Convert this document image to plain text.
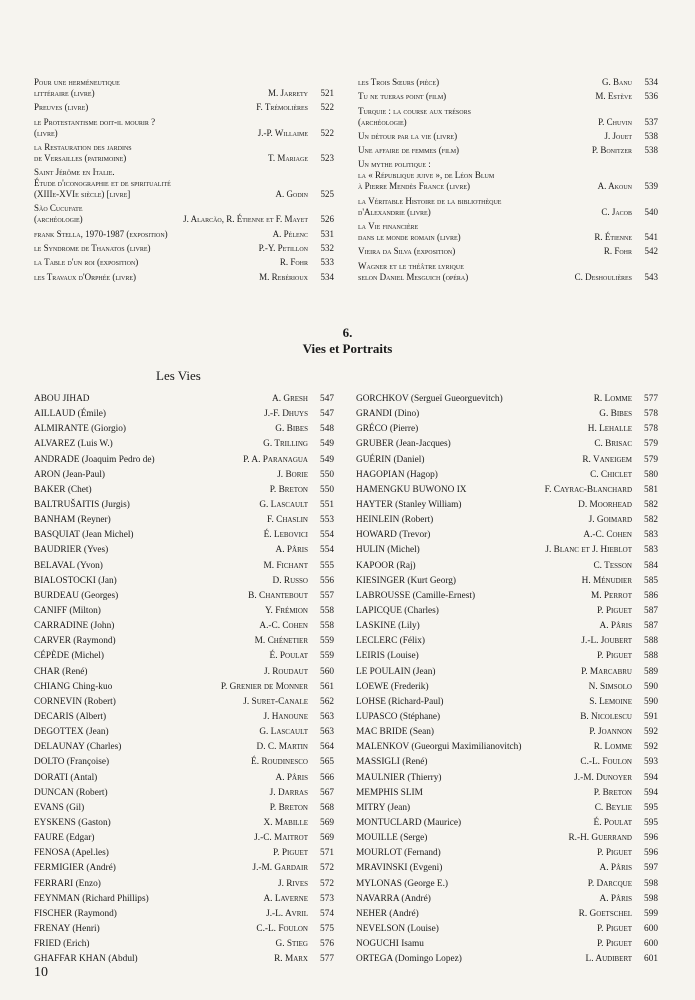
Pour une herméneutique
littéraire (livre)	M. Jarrety	521
Preuves (livre)	F. Trémolières	522
le Protestantisme doit-il mourir ?
(livre)	J.-P. Willaime	522
la Restauration des jardins
de Versailles (patrimoine)	T. Mariage	523
Saint Jérôme en Italie.
Étude d'iconographie et de spiritualité
(XIIIe-XVIe siècle) [livre]	A. Godin	525
São Cucufate
(archéologie)	J. Alarcão, R. Étienne et F. Mayet	526
frank Stella, 1970-1987 (exposition)	A. Pélenc	531
le Syndrome de Thanatos (livre)	P.-Y. Petillon	532
la Table d'un roi (exposition)	R. Fohr	533
les Travaux d'Orphée (livre)	M. Rebérioux	534
les Trois Sœurs (pièce)	G. Banu	534
Tu ne tueras point (film)	M. Estève	536
Turquie : la course aux trésors
(archéologie)	P. Chuvin	537
Un détour par la vie (livre)	J. Jouet	538
Une affaire de femmes (film)	P. Bonitzer	538
Un mythe politique :
la « République juive », de Léon Blum
à Pierre Mendès France (livre)	A. Akoun	539
la Véritable Histoire de la bibliothèque
d'Alexandrie (livre)	C. Jacob	540
la Vie financière
dans le monde romain (livre)	R. Étienne	541
Vieira da Silva (exposition)	R. Fohr	542
Wagner et le théâtre lyrique
selon Daniel Mesguich (opéra)	C. Deshoulières	543
6.
Vies et Portraits
Les Vies
ABOU JIHAD	A. Gresh	547
AILLAUD (Émile)	J.-F. Dhuys	547
ALMIRANTE (Giorgio)	G. Bibes	548
ALVAREZ (Luis W.)	G. Trilling	549
ANDRADE (Joaquim Pedro de)	P. A. Paranagua	549
ARON (Jean-Paul)	J. Borie	550
BAKER (Chet)	P. Breton	550
BALTRUŠAITIS (Jurgis)	G. Lascault	551
BANHAM (Reyner)	F. Chaslin	553
BASQUIAT (Jean Michel)	É. Lebovici	554
BAUDRIER (Yves)	A. Pâris	554
BELAVAL (Yvon)	M. Fichant	555
BIALOSTOCKI (Jan)	D. Russo	556
BURDEAU (Georges)	B. Chantebout	557
CANIFF (Milton)	Y. Frémion	558
CARRADINE (John)	A.-C. Cohen	558
CARVER (Raymond)	M. Chénetier	559
CÉPÈDE (Michel)	É. Poulat	559
CHAR (René)	J. Roudaut	560
CHIANG Ching-kuo	P. Grenier de Monner	561
CORNEVIN (Robert)	J. Suret-Canale	562
DECARIS (Albert)	J. Hanoune	563
DEGOTTEX (Jean)	G. Lascault	563
DELAUNAY (Charles)	D. C. Martin	564
DOLTO (Françoise)	É. Roudinesco	565
DORATI (Antal)	A. Pâris	566
DUNCAN (Robert)	J. Darras	567
EVANS (Gil)	P. Breton	568
EYSKENS (Gaston)	X. Mabille	569
FAURE (Edgar)	J.-C. Maitrot	569
FENOSA (Apel.les)	P. Piguet	571
FERMIGIER (André)	J.-M. Gardair	572
FERRARI (Enzo)	J. Rives	572
FEYNMAN (Richard Phillips)	A. Laverne	573
FISCHER (Raymond)	J.-L. Avril	574
FRENAY (Henri)	C.-L. Foulon	575
FRIED (Erich)	G. Stieg	576
GHAFFAR KHAN (Abdul)	R. Marx	577
GORCHKOV (Sergueï Gueorguevitch)	R. Lomme	577
GRANDI (Dino)	G. Bibes	578
GRÉCO (Pierre)	H. Lehalle	578
GRUBER (Jean-Jacques)	C. Brisac	579
GUÉRIN (Daniel)	R. Vaneigem	579
HAGOPIAN (Hagop)	C. Chiclet	580
HAMENGKU BUWONO IX	F. Cayrac-Blanchard	581
HAYTER (Stanley William)	D. Moorhead	582
HEINLEIN (Robert)	J. Goimard	582
HOWARD (Trevor)	A.-C. Cohen	583
HULIN (Michel)	J. Blanc et J. Hieblot	583
KAPOOR (Raj)	C. Tesson	584
KIESINGER (Kurt Georg)	H. Ménudier	585
LABROUSSE (Camille-Ernest)	M. Perrot	586
LAPICQUE (Charles)	P. Piguet	587
LASKINE (Lily)	A. Pâris	587
LECLERC (Félix)	J.-L. Joubert	588
LEIRIS (Louise)	P. Piguet	588
LE POULAIN (Jean)	P. Marcabru	589
LOEWE (Frederik)	N. Simsolo	590
LOHSE (Richard-Paul)	S. Lemoine	590
LUPASCO (Stéphane)	B. Nicolescu	591
MAC BRIDE (Sean)	P. Joannon	592
MALENKOV (Gueorgui Maximilianovitch)	R. Lomme	592
MASSIGLI (René)	C.-L. Foulon	593
MAULNIER (Thierry)	J.-M. Dunoyer	594
MEMPHIS SLIM	P. Breton	594
MITRY (Jean)	C. Beylie	595
MONTUCLARD (Maurice)	É. Poulat	595
MOUILLE (Serge)	R.-H. Guerrand	596
MOURLOT (Fernand)	P. Piguet	596
MRAVINSKI (Evgeni)	A. Pâris	597
MYLONAS (George E.)	P. Darcque	598
NAVARRA (André)	A. Pâris	598
NEHER (André)	R. Goetschel	599
NEVELSON (Louise)	P. Piguet	600
NOGUCHI Isamu	P. Piguet	600
ORTEGA (Domingo Lopez)	L. Audibert	601
10
